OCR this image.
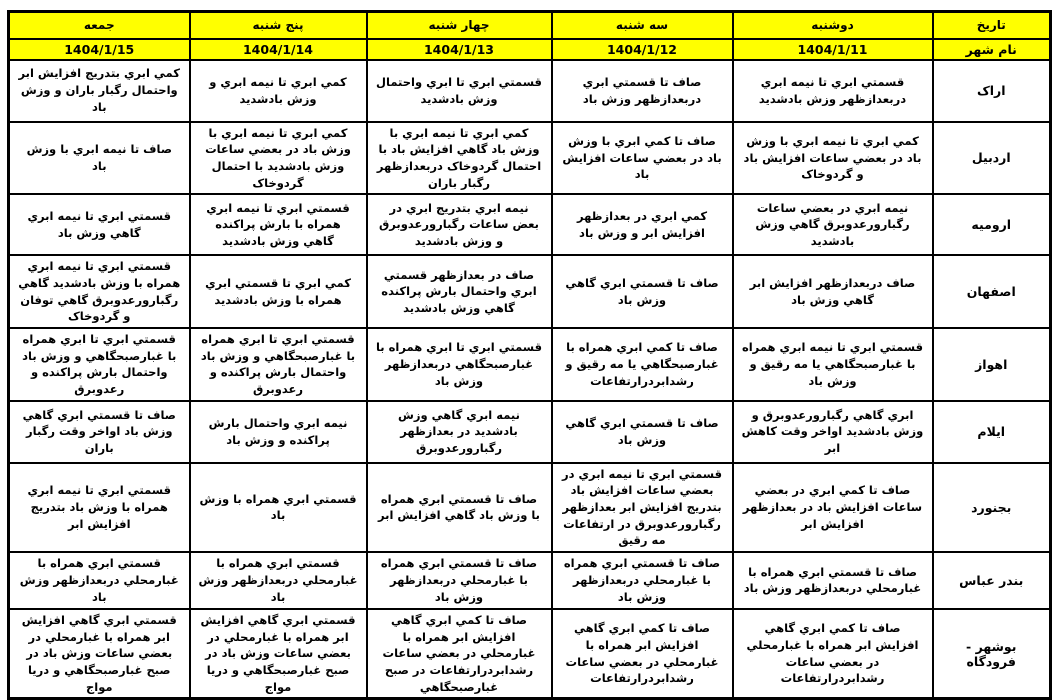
تاریخ	دوشنبه	سه شنبه	چهار شنبه	پنج شنبه	جمعه
نام شهر	1404/1/11	1404/1/12	1404/1/13	1404/1/14	1404/1/15
اراک	قسمتي ابري تا نيمه ابري دربعدازظهر وزش بادشديد	صاف تا قسمتي ابري دربعدازظهر وزش باد	قسمتي ابري تا ابري واحتمال وزش بادشديد	كمي ابري تا نيمه ابري و وزش بادشديد	كمي ابري بتدريج افزايش ابر واحتمال رگبار باران و وزش باد
اردبیل	كمي ابري تا نيمه ابري با وزش باد در بعضي ساعات افزايش باد و گردوخاک	صاف تا كمي ابري با وزش باد در بعضي ساعات افزايش باد	كمي ابري تا نيمه ابري با وزش باد گاهي افزايش باد با احتمال گردوخاک دربعدازظهر رگبار باران	كمي ابري تا نيمه ابري با وزش باد در بعضي ساعات وزش بادشديد با احتمال گردوخاک	صاف تا نيمه ابري با وزش باد
ارومیه	نيمه ابري در بعضي ساعات رگبارورعدوبرق گاهي وزش بادشديد	كمي ابري در بعدازظهر افزايش ابر و وزش باد	نيمه ابري بتدريج ابري در بعض ساعات رگبارورعدوبرق و وزش بادشديد	قسمتي ابري تا نيمه ابري همراه با بارش پراكنده گاهي وزش بادشديد	قسمتي ابري تا نيمه ابري گاهي وزش باد
اصفهان	صاف دربعدازظهر افزايش ابر گاهي وزش باد	صاف تا قسمتي ابري گاهي وزش باد	صاف در بعدازظهر قسمتي ابري واحتمال بارش پراكنده گاهي وزش بادشديد	كمي ابري تا قسمتي ابري همراه با وزش بادشديد	قسمتي ابري تا نيمه ابري همراه با وزش بادشديد گاهي رگبارورعدوبرق گاهي توفان و گردوخاک
اهواز	قسمتي ابري تا نيمه ابري همراه با غبارصبحگاهي يا مه رقيق و وزش باد	صاف تا كمي ابري همراه با غبارصبحگاهي يا مه رقيق و رشدابردرارتفاعات	قسمتي ابري تا ابري همراه با غبارصبحگاهي دربعدازظهر وزش باد	قسمتي ابري تا ابري همراه با غبارصبحگاهي و وزش باد واحتمال بارش پراكنده و رعدوبرق	قسمتي ابري تا ابري همراه با غبارصبحگاهي و وزش باد واحتمال بارش پراكنده و رعدوبرق
ایلام	ابري گاهي رگبارورعدوبرق و وزش بادشديد اواخر وقت كاهش ابر	صاف تا قسمتي ابري گاهي وزش باد	نيمه ابري گاهي وزش بادشديد در بعدازظهر رگبارورعدوبرق	نيمه ابري واحتمال بارش پراكنده و وزش باد	صاف تا قسمتي ابري گاهي وزش باد اواخر وقت رگبار باران
بجنورد	صاف تا كمي ابري در بعضي ساعات افزايش باد در بعدازظهر افزايش ابر	قسمتي ابري تا نيمه ابري در بعضي ساعات افزايش باد بتدريج افزايش ابر بعدازظهر رگبارورعدوبرق در ارتفاعات مه رقيق	صاف تا قسمتي ابري همراه با وزش باد گاهي افزايش ابر	قسمتي ابري همراه با وزش باد	قسمتي ابري تا نيمه ابري همراه با وزش باد بتدريج افزايش ابر
بندر عباس	صاف تا قسمتي ابري همراه با غبارمحلي دربعدازظهر وزش باد	صاف تا قسمتي ابري همراه با غبارمحلي دربعدازظهر وزش باد	صاف تا قسمتي ابري همراه با غبارمحلي دربعدازظهر وزش باد	قسمتي ابري همراه با غبارمحلي دربعدازظهر وزش باد	قسمتي ابري همراه با غبارمحلي دربعدازظهر وزش باد
بوشهر - فرودگاه	صاف تا كمي ابري گاهي افزايش ابر همراه با غبارمحلي در بعضي ساعات رشدابردرارتفاعات	صاف تا كمي ابري گاهي افزايش ابر همراه با غبارمحلي در بعضي ساعات رشدابردرارتفاعات	صاف تا كمي ابري گاهي افزايش ابر همراه با غبارمحلي در بعضي ساعات رشدابردرارتفاعات در صبح غبارصبحگاهي	قسمتي ابري گاهي افزايش ابر همراه با غبارمحلي در بعضي ساعات وزش باد در صبح غبارصبحگاهي و دريا مواج	قسمتي ابري گاهي افزايش ابر همراه با غبارمحلي در بعضي ساعات وزش باد در صبح غبارصبحگاهي و دريا مواج
